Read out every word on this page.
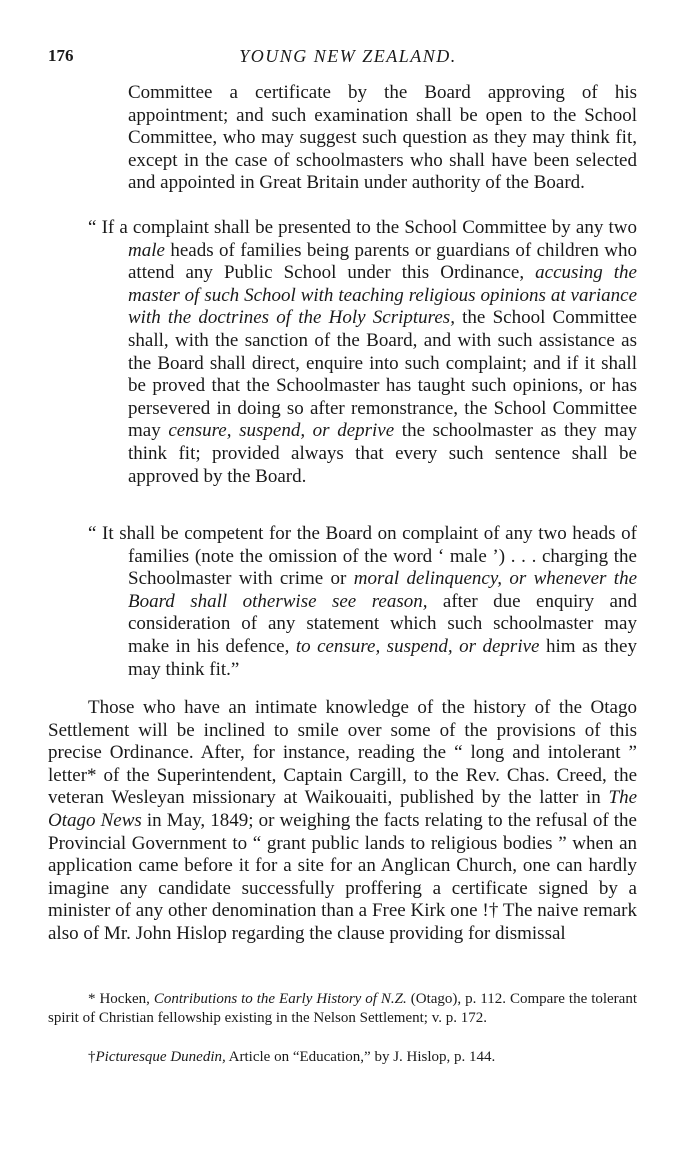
176	YOUNG NEW ZEALAND.

Committee a certificate by the Board approving of his appointment; and such examination shall be open to the School Committee, who may suggest such question as they may think fit, except in the case of schoolmasters who shall have been selected and appointed in Great Britain under authority of the Board.

“ If a complaint shall be presented to the School Committee by any two male heads of families being parents or guardians of children who attend any Public School under this Ordinance, accusing the master of such School with teaching religious opinions at variance with the doctrines of the Holy Scriptures, the School Committee shall, with the sanction of the Board, and with such assistance as the Board shall direct, enquire into such complaint; and if it shall be proved that the Schoolmaster has taught such opinions, or has persevered in doing so after remonstrance, the School Committee may censure, suspend, or deprive the schoolmaster as they may think fit; provided always that every such sentence shall be approved by the Board.

“ It shall be competent for the Board on complaint of any two heads of families (note the omission of the word ‘ male ’) . . . charging the Schoolmaster with crime or moral delinquency, or whenever the Board shall otherwise see reason, after due enquiry and consideration of any statement which such schoolmaster may make in his defence, to censure, suspend, or deprive him as they may think fit.”

Those who have an intimate knowledge of the history of the Otago Settlement will be inclined to smile over some of the provisions of this precise Ordinance. After, for instance, reading the “ long and intolerant ” letter* of the Superintendent, Captain Cargill, to the Rev. Chas. Creed, the veteran Wesleyan missionary at Waikouaiti, published by the latter in The Otago News in May, 1849; or weighing the facts relating to the refusal of the Provincial Government to “ grant public lands to religious bodies ” when an application came before it for a site for an Anglican Church, one can hardly imagine any candidate successfully proffering a certificate signed by a minister of any other denomination than a Free Kirk one !† The naive remark also of Mr. John Hislop regarding the clause providing for dismissal

* Hocken, Contributions to the Early History of N.Z. (Otago), p. 112. Compare the tolerant spirit of Christian fellowship existing in the Nelson Settlement; v. p. 172.

†Picturesque Dunedin, Article on “Education,” by J. Hislop, p. 144.
